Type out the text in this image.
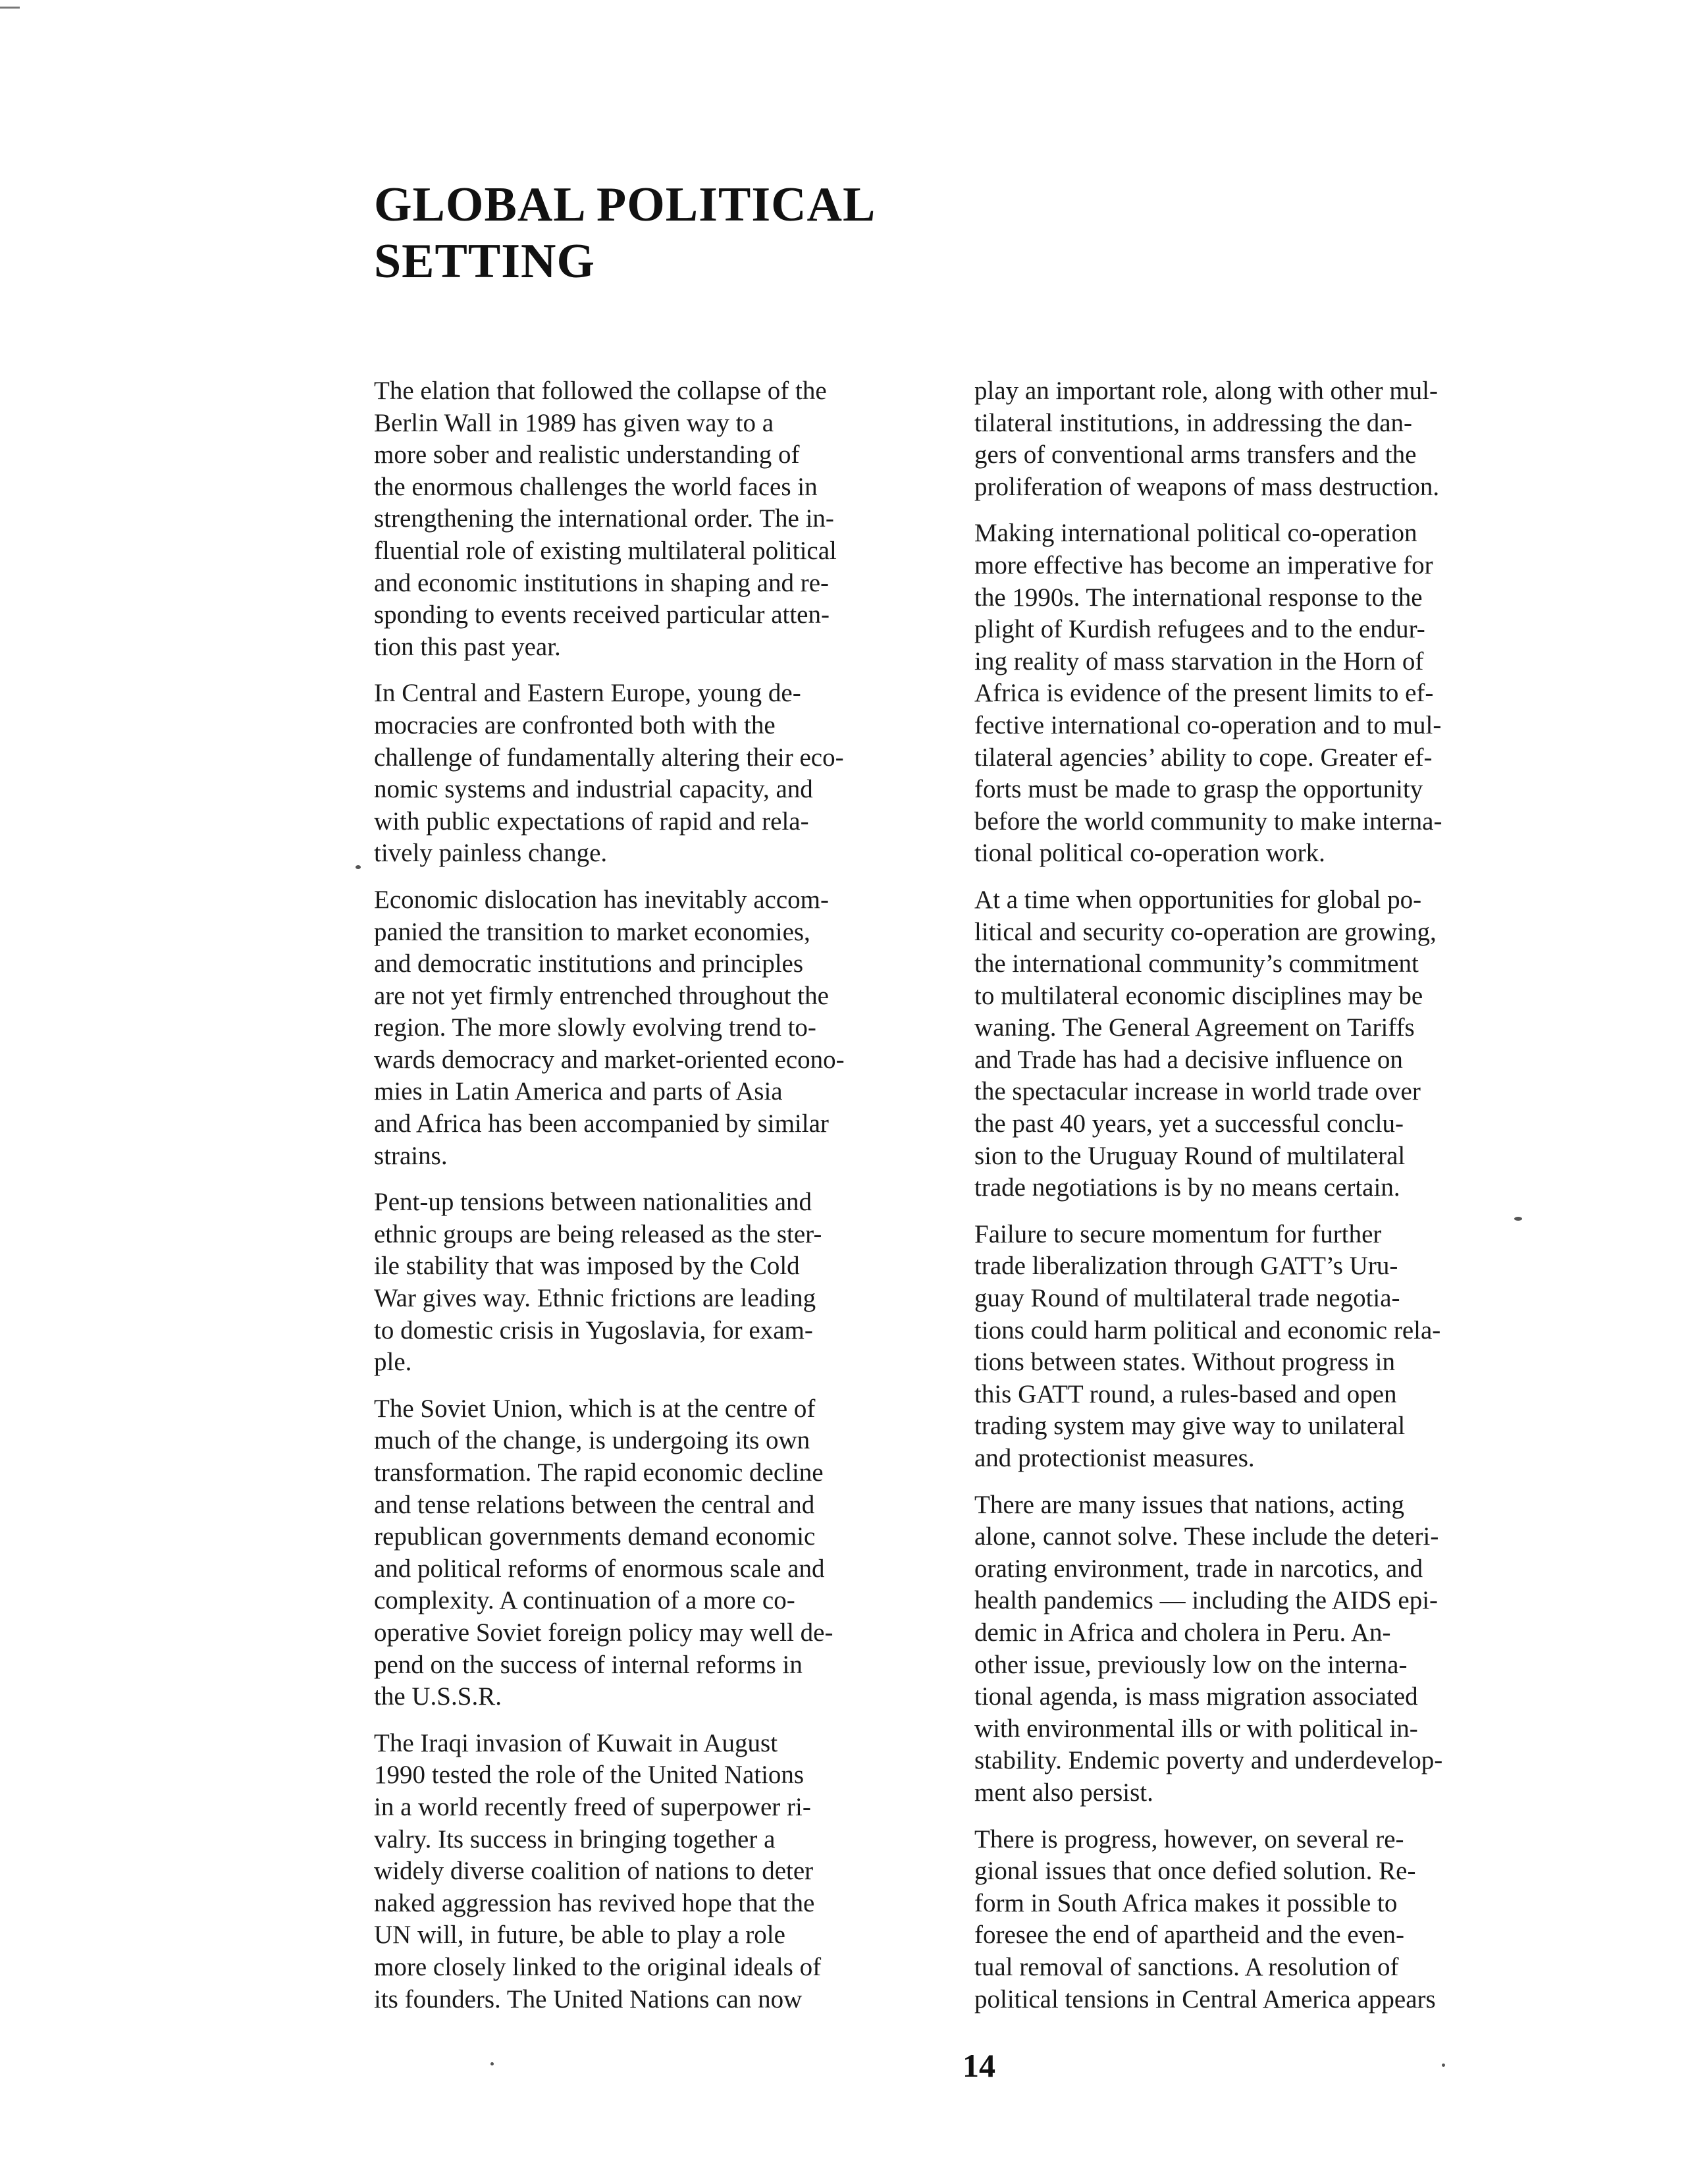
GLOBAL POLITICAL
SETTING

The elation that followed the collapse of the
Berlin Wall in 1989 has given way to a
more sober and realistic understanding of
the enormous challenges the world faces in
strengthening the international order. The in-
fluential role of existing multilateral political
and economic institutions in shaping and re-
sponding to events received particular atten-
tion this past year.

In Central and Eastern Europe, young de-
mocracies are confronted both with the
challenge of fundamentally altering their eco-
nomic systems and industrial capacity, and
with public expectations of rapid and rela-
tively painless change.

Economic dislocation has inevitably accom-
panied the transition to market economies,
and democratic institutions and principles
are not yet firmly entrenched throughout the
region. The more slowly evolving trend to-
wards democracy and market-oriented econo-
mies in Latin America and parts of Asia
and Africa has been accompanied by similar
strains.

Pent-up tensions between nationalities and
ethnic groups are being released as the ster-
ile stability that was imposed by the Cold
War gives way. Ethnic frictions are leading
to domestic crisis in Yugoslavia, for exam-
ple.

The Soviet Union, which is at the centre of
much of the change, is undergoing its own
transformation. The rapid economic decline
and tense relations between the central and
republican governments demand economic
and political reforms of enormous scale and
complexity. A continuation of a more co-
operative Soviet foreign policy may well de-
pend on the success of internal reforms in
the U.S.S.R.

The Iraqi invasion of Kuwait in August
1990 tested the role of the United Nations
in a world recently freed of superpower ri-
valry. Its success in bringing together a
widely diverse coalition of nations to deter
naked aggression has revived hope that the
UN will, in future, be able to play a role
more closely linked to the original ideals of
its founders. The United Nations can now

play an important role, along with other mul-
tilateral institutions, in addressing the dan-
gers of conventional arms transfers and the
proliferation of weapons of mass destruction.

Making international political co-operation
more effective has become an imperative for
the 1990s. The international response to the
plight of Kurdish refugees and to the endur-
ing reality of mass starvation in the Horn of
Africa is evidence of the present limits to ef-
fective international co-operation and to mul-
tilateral agencies’ ability to cope. Greater ef-
forts must be made to grasp the opportunity
before the world community to make interna-
tional political co-operation work.

At a time when opportunities for global po-
litical and security co-operation are growing,
the international community’s commitment
to multilateral economic disciplines may be
waning. The General Agreement on Tariffs
and Trade has had a decisive influence on
the spectacular increase in world trade over
the past 40 years, yet a successful conclu-
sion to the Uruguay Round of multilateral
trade negotiations is by no means certain.

Failure to secure momentum for further
trade liberalization through GATT’s Uru-
guay Round of multilateral trade negotia-
tions could harm political and economic rela-
tions between states. Without progress in
this GATT round, a rules-based and open
trading system may give way to unilateral
and protectionist measures.

There are many issues that nations, acting
alone, cannot solve. These include the deteri-
orating environment, trade in narcotics, and
health pandemics — including the AIDS epi-
demic in Africa and cholera in Peru. An-
other issue, previously low on the interna-
tional agenda, is mass migration associated
with environmental ills or with political in-
stability. Endemic poverty and underdevelop-
ment also persist.

There is progress, however, on several re-
gional issues that once defied solution. Re-
form in South Africa makes it possible to
foresee the end of apartheid and the even-
tual removal of sanctions. A resolution of
political tensions in Central America appears

14
